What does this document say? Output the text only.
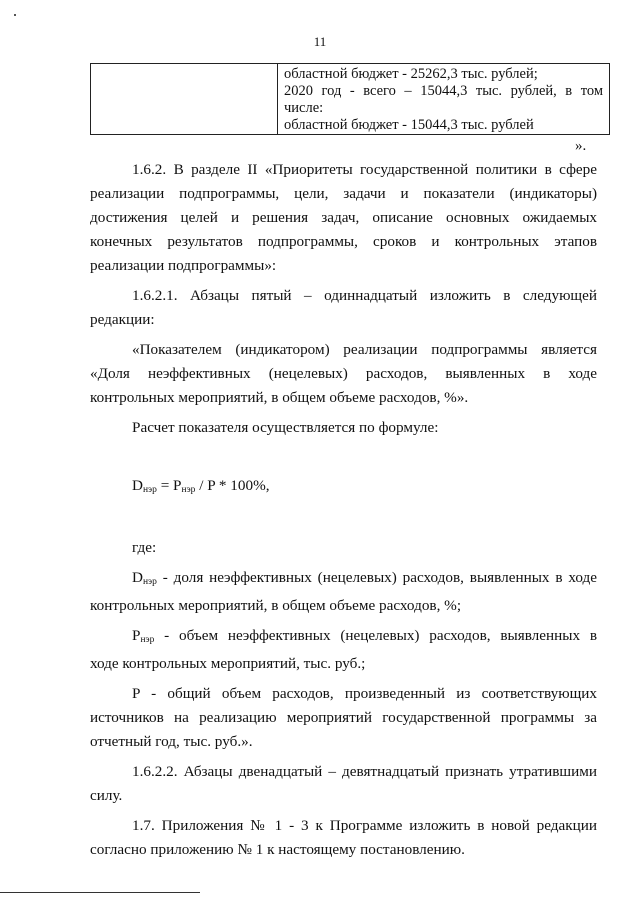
11
областной бюджет - 25262,3 тыс. рублей;
2020 год - всего – 15044,3 тыс. рублей, в том
числе:
областной бюджет - 15044,3 тыс. рублей
».
1.6.2. В разделе II «Приоритеты государственной политики в сфере
реализации подпрограммы, цели, задачи и показатели (индикаторы)
достижения целей и решения задач, описание основных ожидаемых
конечных результатов подпрограммы, сроков и контрольных этапов
реализации подпрограммы»:
1.6.2.1. Абзацы пятый – одиннадцатый изложить в следующей
редакции:
«Показателем (индикатором) реализации подпрограммы является
«Доля неэффективных (нецелевых) расходов, выявленных в ходе
контрольных мероприятий, в общем объеме расходов, %».
Расчет показателя осуществляется по формуле:
$D_{нэр} = P_{нэр} / P * 100\%$,
где:
$D_{нэр}$ - доля неэффективных (нецелевых) расходов, выявленных в ходе
контрольных мероприятий, в общем объеме расходов, %;
$P_{нэр}$ - объем неэффективных (нецелевых) расходов, выявленных в
ходе контрольных мероприятий, тыс. руб.;
P - общий объем расходов, произведенный из соответствующих
источников на реализацию мероприятий государственной программы за
отчетный год, тыс. руб.».
1.6.2.2. Абзацы двенадцатый – девятнадцатый признать утратившими
силу.
1.7. Приложения № 1 - 3 к Программе изложить в новой редакции
согласно приложению № 1 к настоящему постановлению.
